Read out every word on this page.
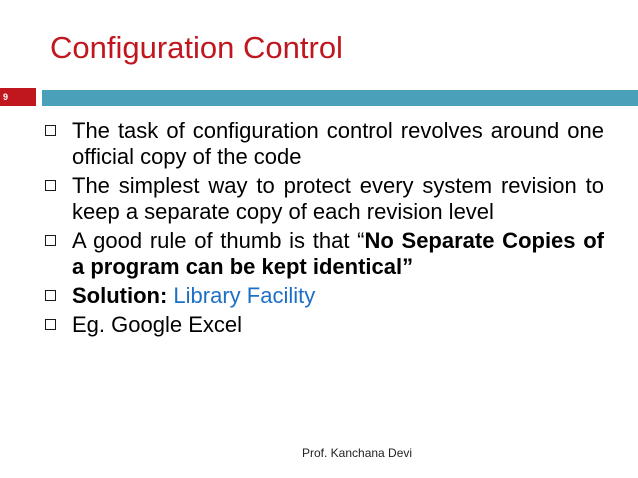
Configuration Control
9
The task of configuration control revolves around one official copy of the code
The simplest way to protect every system revision to keep a separate copy of each revision level
A good rule of thumb is that “No Separate Copies of a program can be kept identical”
Solution: Library Facility
Eg. Google Excel
Prof. Kanchana Devi
